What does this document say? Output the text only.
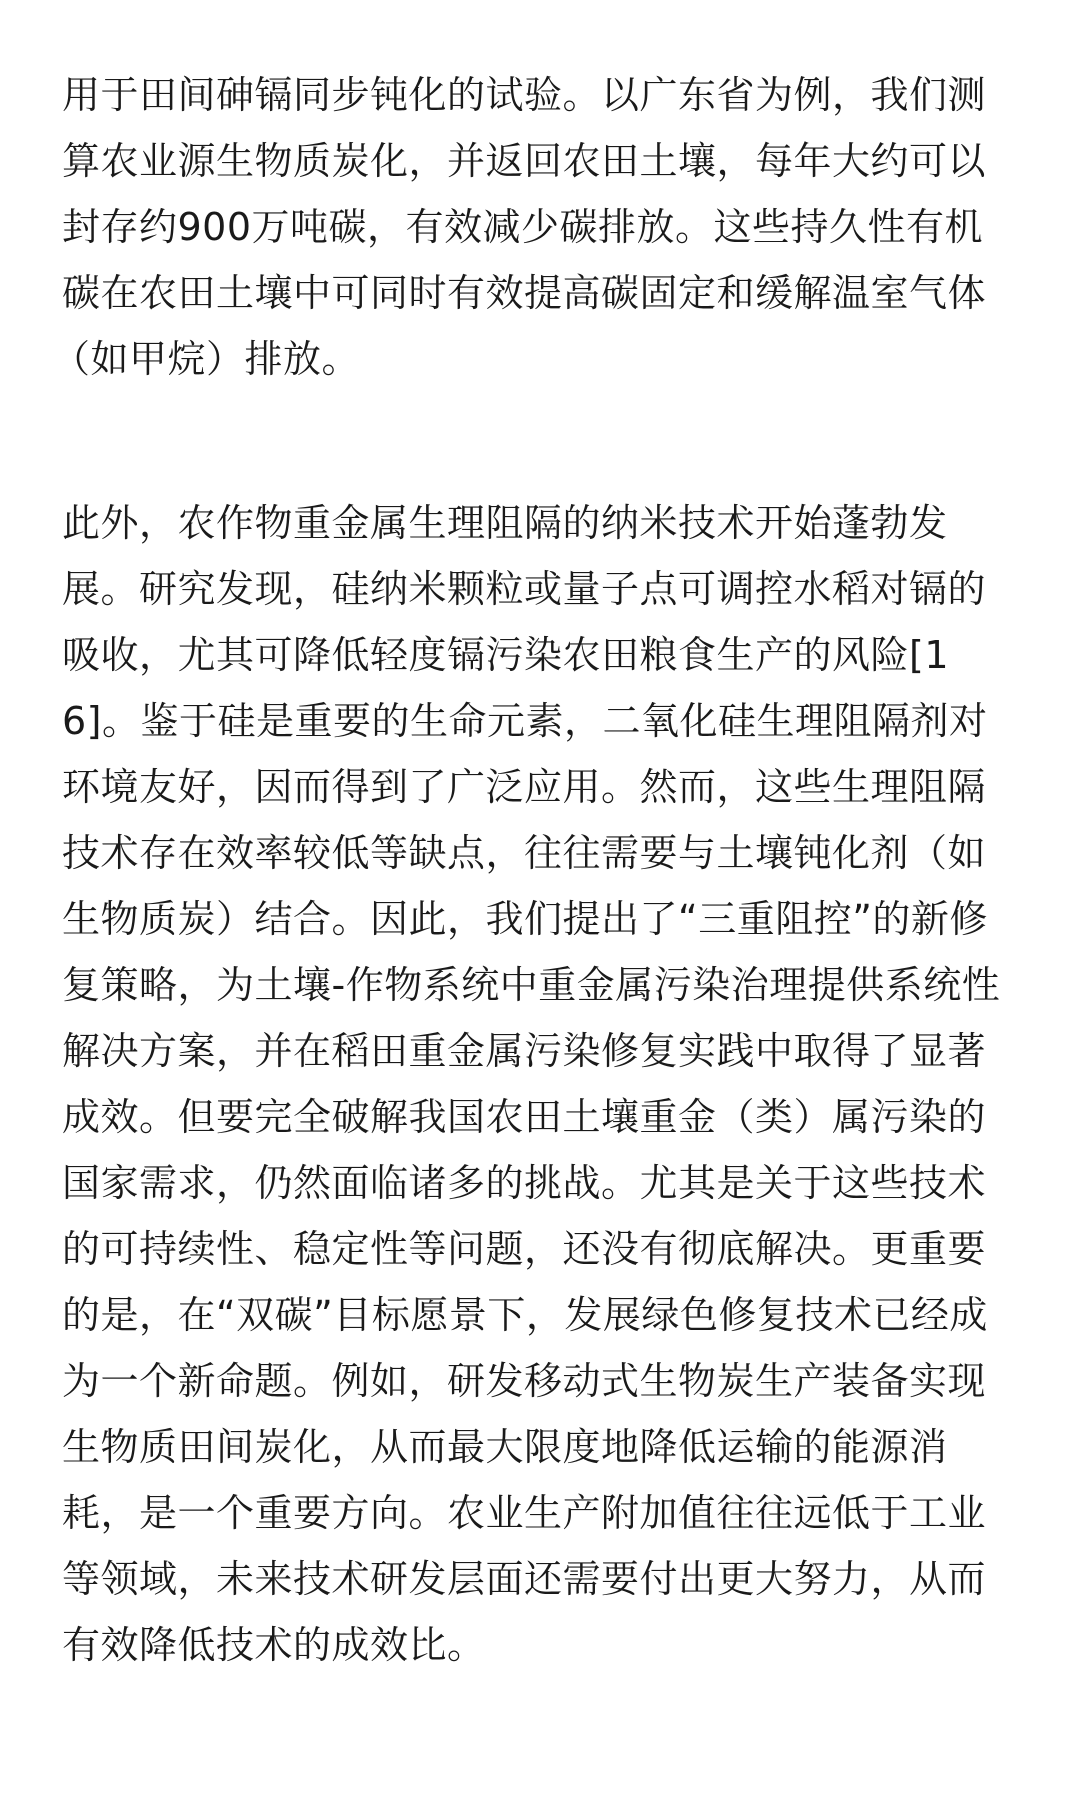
用于田间砷镉同步钝化的试验。以广东省为例，我们测
算农业源生物质炭化，并返回农田土壤，每年大约可以
封存约900万吨碳，有效减少碳排放。这些持久性有机
碳在农田土壤中可同时有效提高碳固定和缓解温室气体
（如甲烷）排放。
此外，农作物重金属生理阻隔的纳米技术开始蓬勃发
展。研究发现，硅纳米颗粒或量子点可调控水稻对镉的
吸收，尤其可降低轻度镉污染农田粮食生产的风险[1
6]。鉴于硅是重要的生命元素，二氧化硅生理阻隔剂对
环境友好，因而得到了广泛应用。然而，这些生理阻隔
技术存在效率较低等缺点，往往需要与土壤钝化剂（如
生物质炭）结合。因此，我们提出了“三重阻控”的新修
复策略，为土壤-作物系统中重金属污染治理提供系统性
解决方案，并在稻田重金属污染修复实践中取得了显著
成效。但要完全破解我国农田土壤重金（类）属污染的
国家需求，仍然面临诸多的挑战。尤其是关于这些技术
的可持续性、稳定性等问题，还没有彻底解决。更重要
的是，在“双碳”目标愿景下，发展绿色修复技术已经成
为一个新命题。例如，研发移动式生物炭生产装备实现
生物质田间炭化，从而最大限度地降低运输的能源消
耗，是一个重要方向。农业生产附加值往往远低于工业
等领域，未来技术研发层面还需要付出更大努力，从而
有效降低技术的成效比。
